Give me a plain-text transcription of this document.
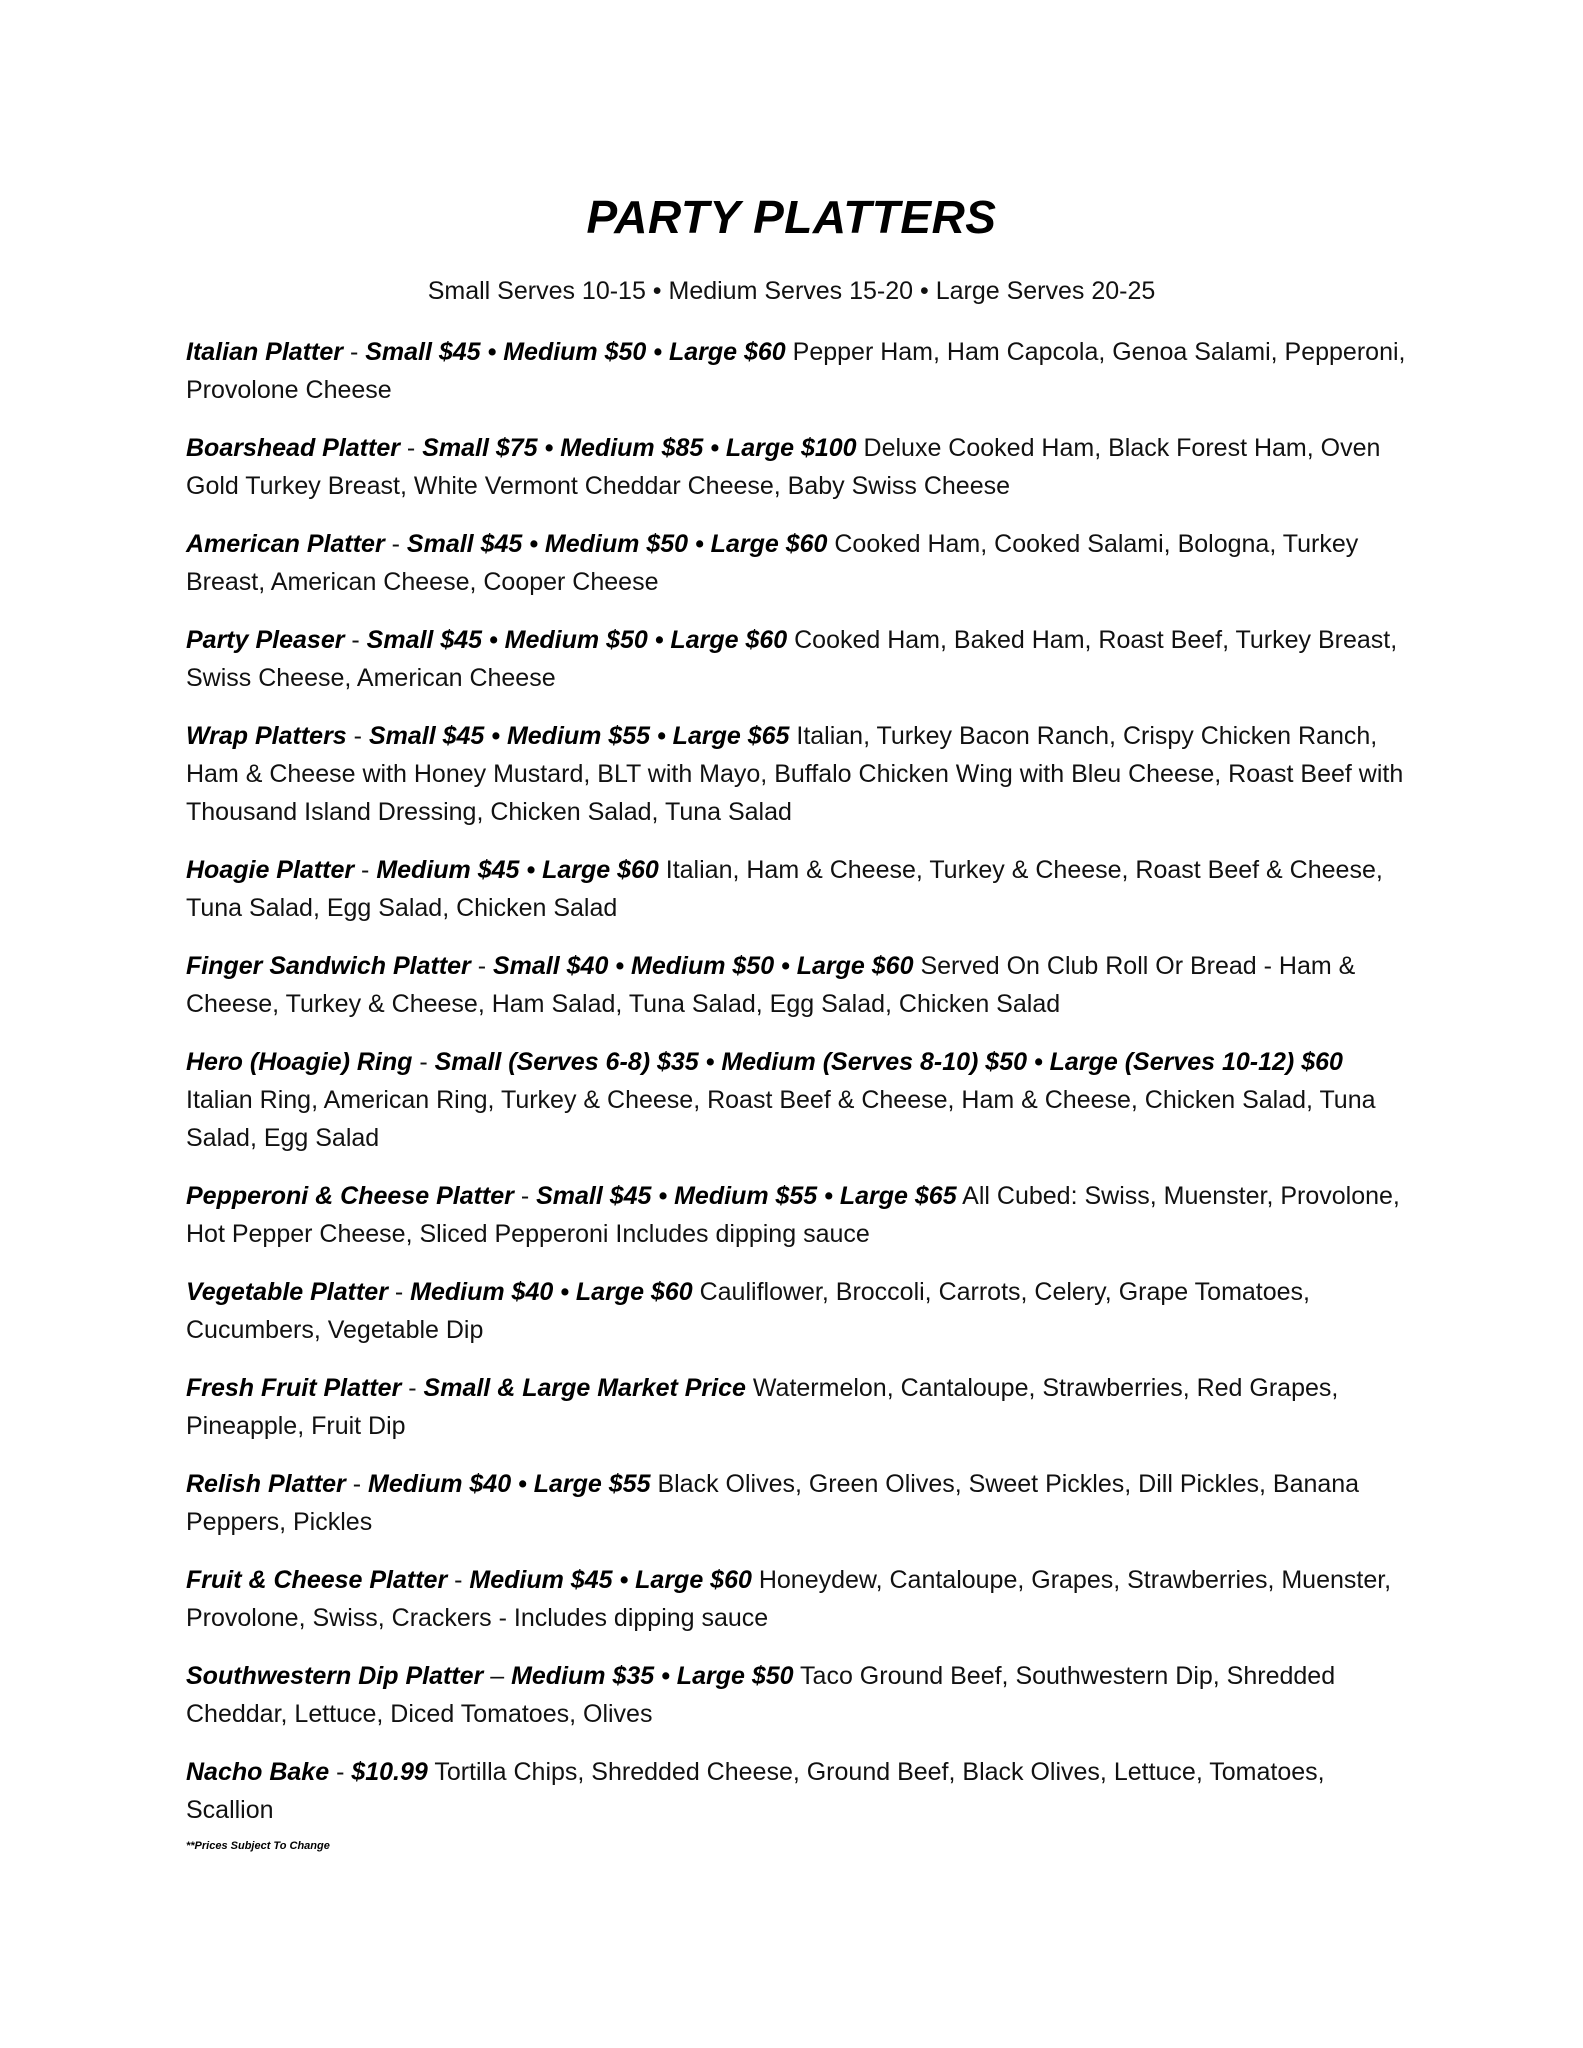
PARTY PLATTERS
Small Serves 10-15 • Medium Serves 15-20 • Large Serves 20-25

Italian Platter - Small $45 • Medium $50 • Large $60 Pepper Ham, Ham Capcola, Genoa Salami, Pepperoni, Provolone Cheese

Boarshead Platter - Small $75 • Medium $85 • Large $100 Deluxe Cooked Ham, Black Forest Ham, Oven Gold Turkey Breast, White Vermont Cheddar Cheese, Baby Swiss Cheese

American Platter - Small $45 • Medium $50 • Large $60 Cooked Ham, Cooked Salami, Bologna, Turkey Breast, American Cheese, Cooper Cheese

Party Pleaser - Small $45 • Medium $50 • Large $60 Cooked Ham, Baked Ham, Roast Beef, Turkey Breast, Swiss Cheese, American Cheese

Wrap Platters - Small $45 • Medium $55 • Large $65 Italian, Turkey Bacon Ranch, Crispy Chicken Ranch, Ham & Cheese with Honey Mustard, BLT with Mayo, Buffalo Chicken Wing with Bleu Cheese, Roast Beef with Thousand Island Dressing, Chicken Salad, Tuna Salad

Hoagie Platter - Medium $45 • Large $60 Italian, Ham & Cheese, Turkey & Cheese, Roast Beef & Cheese, Tuna Salad, Egg Salad, Chicken Salad

Finger Sandwich Platter - Small $40 • Medium $50 • Large $60 Served On Club Roll Or Bread - Ham & Cheese, Turkey & Cheese, Ham Salad, Tuna Salad, Egg Salad, Chicken Salad

Hero (Hoagie) Ring - Small (Serves 6-8) $35 • Medium (Serves 8-10) $50 • Large (Serves 10-12) $60 Italian Ring, American Ring, Turkey & Cheese, Roast Beef & Cheese, Ham & Cheese, Chicken Salad, Tuna Salad, Egg Salad

Pepperoni & Cheese Platter - Small $45 • Medium $55 • Large $65 All Cubed: Swiss, Muenster, Provolone, Hot Pepper Cheese, Sliced Pepperoni Includes dipping sauce

Vegetable Platter - Medium $40 • Large $60 Cauliflower, Broccoli, Carrots, Celery, Grape Tomatoes, Cucumbers, Vegetable Dip

Fresh Fruit Platter - Small & Large Market Price Watermelon, Cantaloupe, Strawberries, Red Grapes, Pineapple, Fruit Dip

Relish Platter - Medium $40 • Large $55 Black Olives, Green Olives, Sweet Pickles, Dill Pickles, Banana Peppers, Pickles

Fruit & Cheese Platter - Medium $45 • Large $60 Honeydew, Cantaloupe, Grapes, Strawberries, Muenster, Provolone, Swiss, Crackers - Includes dipping sauce

Southwestern Dip Platter – Medium $35 • Large $50 Taco Ground Beef, Southwestern Dip, Shredded Cheddar, Lettuce, Diced Tomatoes, Olives

Nacho Bake - $10.99 Tortilla Chips, Shredded Cheese, Ground Beef, Black Olives, Lettuce, Tomatoes, Scallion

**Prices Subject To Change
